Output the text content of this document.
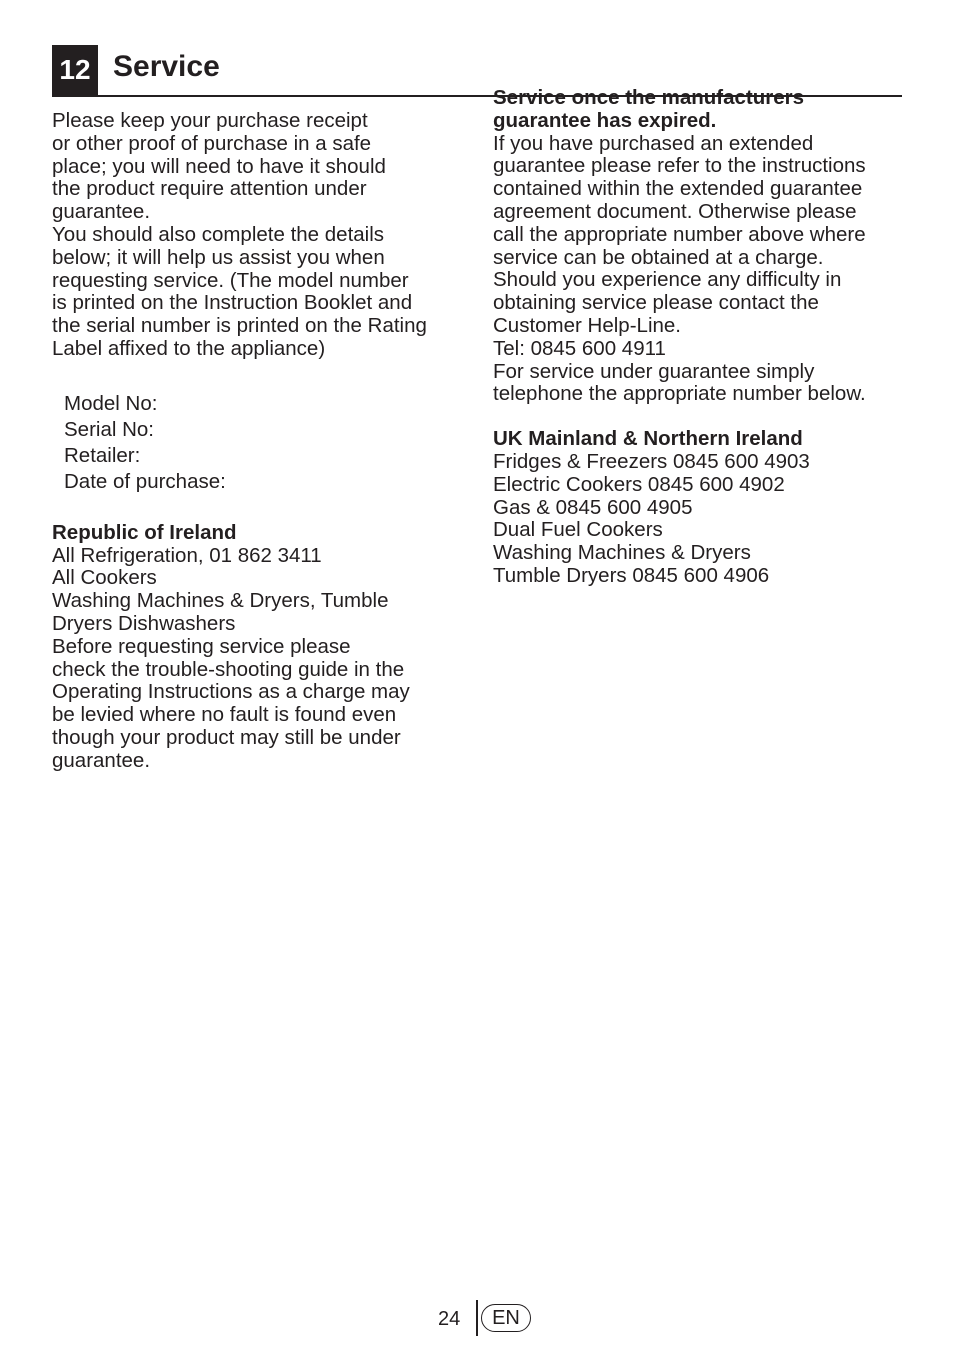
12 Service

Please keep your purchase receipt
or other proof of purchase in a safe
place; you will need to have it should
the product require attention under
guarantee.
You should also complete the details
below; it will help us assist you when
requesting service. (The model number
is printed on the Instruction Booklet and
the serial number is printed on the Rating
Label affixed to the appliance)

Model No:
Serial No:
Retailer:
Date of purchase:

Republic of Ireland

All Refrigeration, 01 862 3411
All Cookers
Washing Machines & Dryers, Tumble
Dryers Dishwashers
Before requesting service please
check the trouble-shooting guide in the
Operating Instructions as a charge may
be levied where no fault is found even
though your product may still be under
guarantee.

Service once the manufacturers
guarantee has expired.

If you have purchased an extended
guarantee please refer to the instructions
contained within the extended guarantee
agreement document. Otherwise please
call the appropriate number above where
service can be obtained at a charge.
Should you experience any difficulty in
obtaining service please contact the
Customer Help-Line.
Tel: 0845 600 4911
For service under guarantee simply
telephone the appropriate number below.

UK Mainland & Northern Ireland

Fridges & Freezers 0845 600 4903
Electric Cookers 0845 600 4902
Gas & 0845 600 4905
Dual Fuel Cookers
Washing Machines & Dryers
Tumble Dryers 0845 600 4906

24	EN
